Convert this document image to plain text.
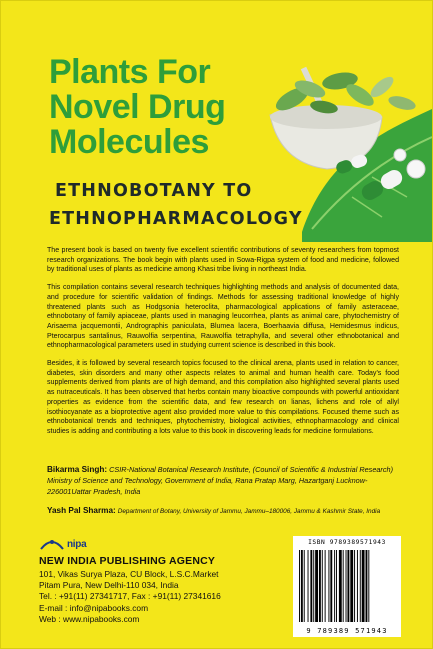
Plants For
Novel Drug
Molecules
ETHNOBOTANY TO
ETHNOPHARMACOLOGY

The present book is based on twenty five excellent scientific contributions of seventy researchers from topmost research organizations. The book begin with plants used in Sowa-Rigpa system of food and medicine, followed by traditional uses of plants as medicine among Khasi tribe living in northeast India.

This compilation contains several research techniques highlighting methods and analysis of documented data, and procedure for scientific validation of findings. Methods for assessing traditional knowledge of highly threatened plants such as Hodgsonia heteroclita, pharmacological applications of family asteraceae, ethnobotany of family apiaceae, plants used in managing leucorrhea, plants as animal care, phytochemistry of Arisaema jacquemontii, Andrographis paniculata, Blumea lacera, Boerhaavia diffusa, Hemidesmus indicus, Pterocarpus santalinus, Rauwolfia serpentina, Rauwolfia tetraphylla, and several other ethnobotanical and ethnopharmacological parameters used in studying current science is described in this book.

Besides, it is followed by several research topics focused to the clinical arena, plants used in relation to cancer, diabetes, skin disorders and many other aspects relates to animal and human health care. Today's food supplements derived from plants are of high demand, and this compilation also highlighted several plants used as nutraceuticals. It has been observed that herbs contain many bioactive compounds with powerful antioxidant properties as evidence from the scientific data, and few research on lianas, lichens and role of allyl isothiocyanate as a bioprotective agent also provided more value to this compilations. Focused theme such as ethnobotanical trends and techniques, phytochemistry, biological activities, ethnopharmacology and clinical studies is adding and contributing a lots value to this book in discovering leads for medicine formulations.

Bikarma Singh: CSIR-National Botanical Research Institute, (Council of Scientific & Industrial Research) Ministry of Science and Technology, Government of India, Rana Pratap Marg, Hazartganj Lucknow-226001Uattar Pradesh, India
Yash Pal Sharma: Department of Botany, University of Jammu, Jammu–180006, Jammu & Kashmir State, India
nipa
NEW INDIA PUBLISHING AGENCY
101, Vikas Surya Plaza, CU Block, L.S.C.Market
Pitam Pura, New Delhi-110 034, India
Tel. : +91(11) 27341717, Fax : +91(11) 27341616
E-mail : info@nipabooks.com
Web : www.nipabooks.com
ISBN 9789389571943
9 789389 571943
